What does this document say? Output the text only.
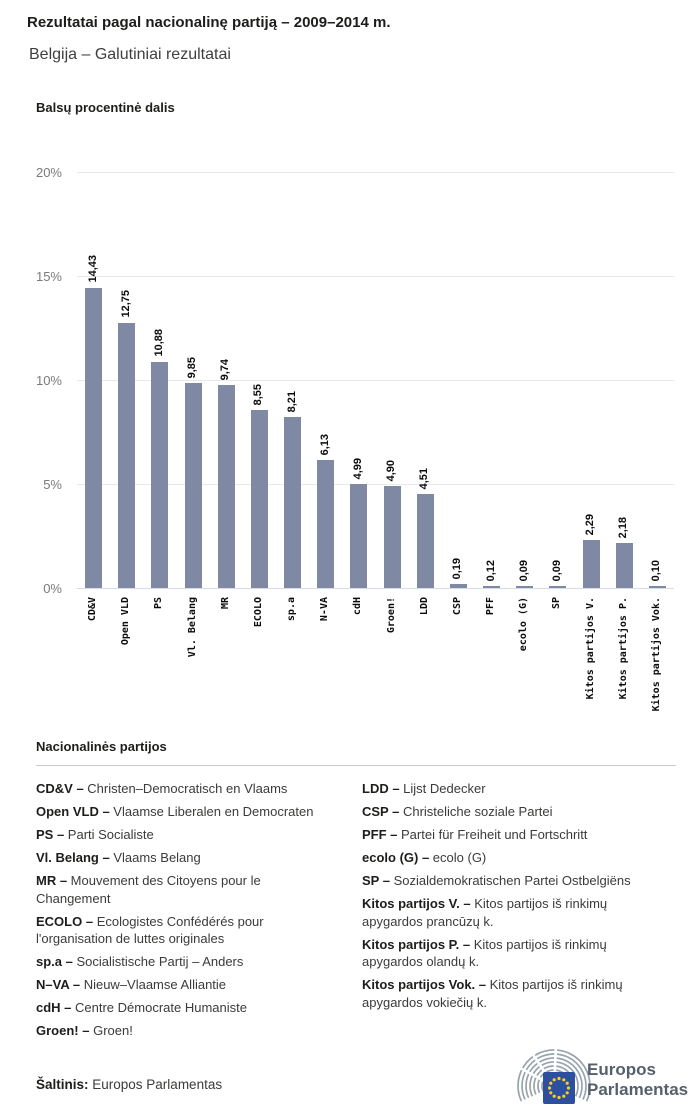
Rezultatai pagal nacionalinę partiją – 2009–2014 m.
Belgija – Galutiniai rezultatai
Balsų procentinė dalis
0%
5%
10%
15%
20%
14,43
12,75
10,88
9,85 9,74
8,55 8,21
6,13
4,99 4,90 4,51
0,19 0,12 0,09 0,09
2,29 2,18
0,10
CD&V Open VLD PS Vl. Belang MR ECOLO sp.a N-VA cdH Groen! LDD CSP PFF ecolo (G) SP Kitos partijos V. Kitos partijos P. Kitos partijos Vok.
Nacionalinės partijos

CD&V – Christen–Democratisch en Vlaams

Open VLD – Vlaamse Liberalen en Democraten

PS – Parti Socialiste

Vl. Belang – Vlaams Belang

MR – Mouvement des Citoyens pour le Changement

ECOLO – Ecologistes Confédérés pour l'organisation de luttes originales

sp.a – Socialistische Partij – Anders

N–VA – Nieuw–Vlaamse Alliantie

cdH – Centre Démocrate Humaniste

Groen! – Groen!

LDD – Lijst Dedecker

CSP – Christeliche soziale Partei

PFF – Partei für Freiheit und Fortschritt

ecolo (G) – ecolo (G)

SP – Sozialdemokratischen Partei Ostbelgiëns

Kitos partijos V. – Kitos partijos iš rinkimų apygardos prancūzų k.

Kitos partijos P. – Kitos partijos iš rinkimų apygardos olandų k.

Kitos partijos Vok. – Kitos partijos iš rinkimų apygardos vokiečių k.

Šaltinis: Europos Parlamentas
Europos
Parlamentas
